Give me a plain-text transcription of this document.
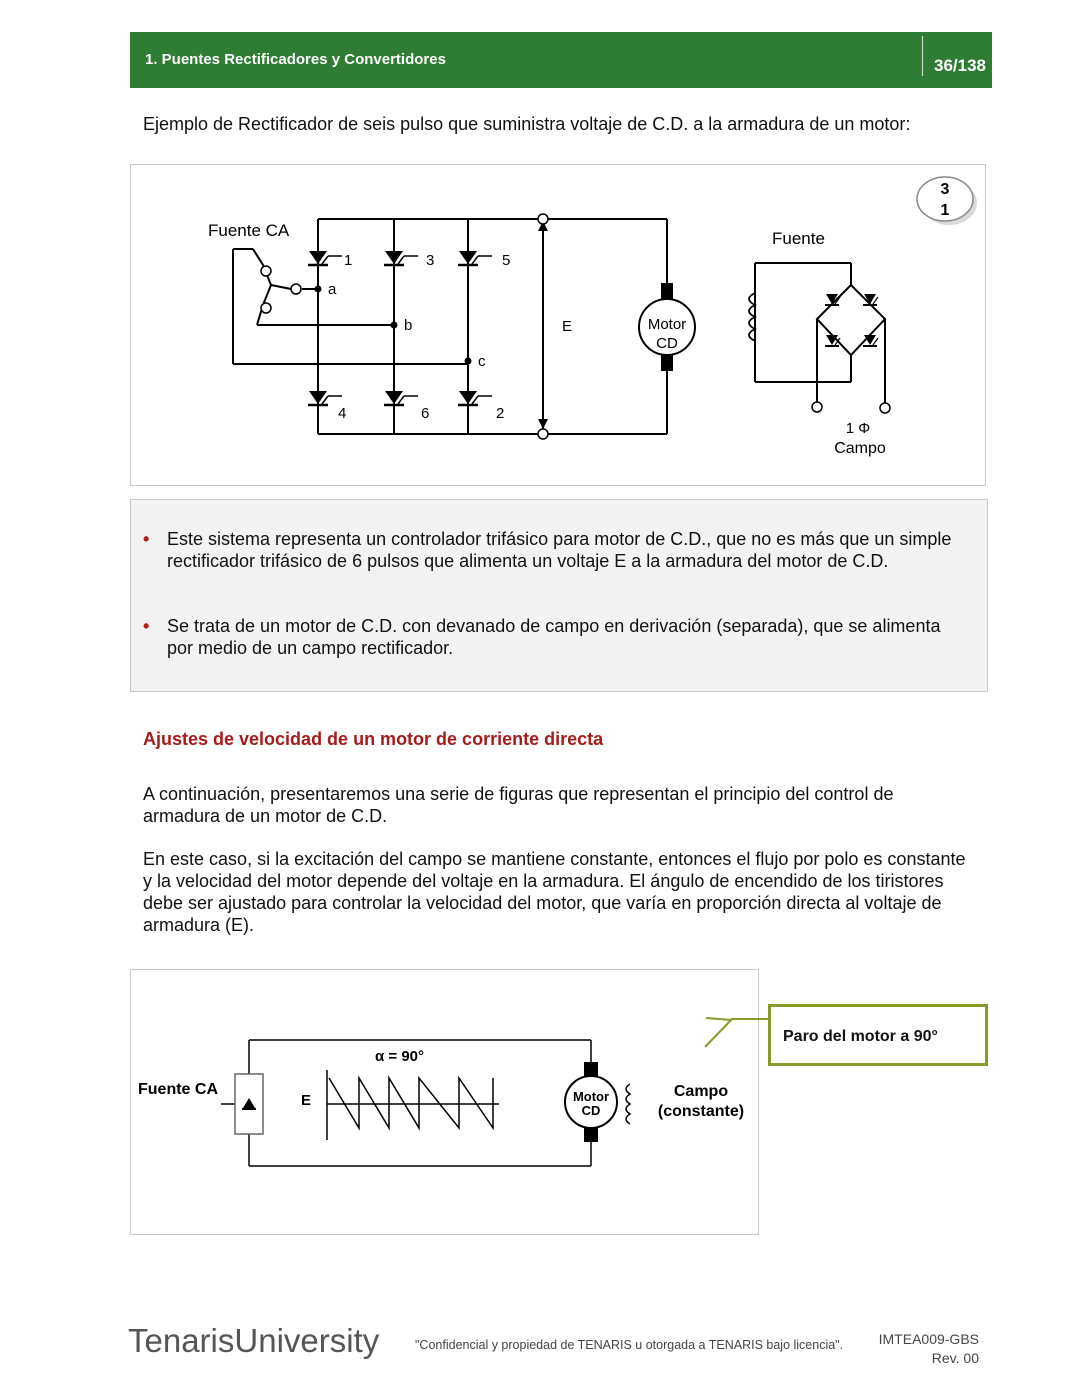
1. Puentes Rectificadores y Convertidores	36/138
Ejemplo de Rectificador de seis pulso que suministra voltaje de C.D. a la armadura de un motor:
Fuente CA
1	3	5
4	6	2
a
b
c
E	Motor
CD
Fuente
1 Φ
Campo
3
1
• Este sistema representa un controlador trifásico para motor de C.D., que no es más que un simple rectificador trifásico de 6 pulsos que alimenta un voltaje E a la armadura del motor de C.D.
• Se trata de un motor de C.D. con devanado de campo en derivación (separada), que se alimenta por medio de un campo rectificador.
Ajustes de velocidad de un motor de corriente directa
A continuación, presentaremos una serie de figuras que representan el principio del control de armadura de un motor de C.D.
En este caso, si la excitación del campo se mantiene constante, entonces el flujo por polo es constante y la velocidad del motor depende del voltaje en la armadura. El ángulo de encendido de los tiristores debe ser ajustado para controlar la velocidad del motor, que varía en proporción directa al voltaje de armadura (E).
Fuente CA
E
α = 90°
Motor
CD
Campo
(constante)
Paro del motor a 90°
TenarisUniversity	"Confidencial y propiedad de TENARIS u otorgada a TENARIS bajo licencia".	IMTEA009-GBS
Rev. 00
